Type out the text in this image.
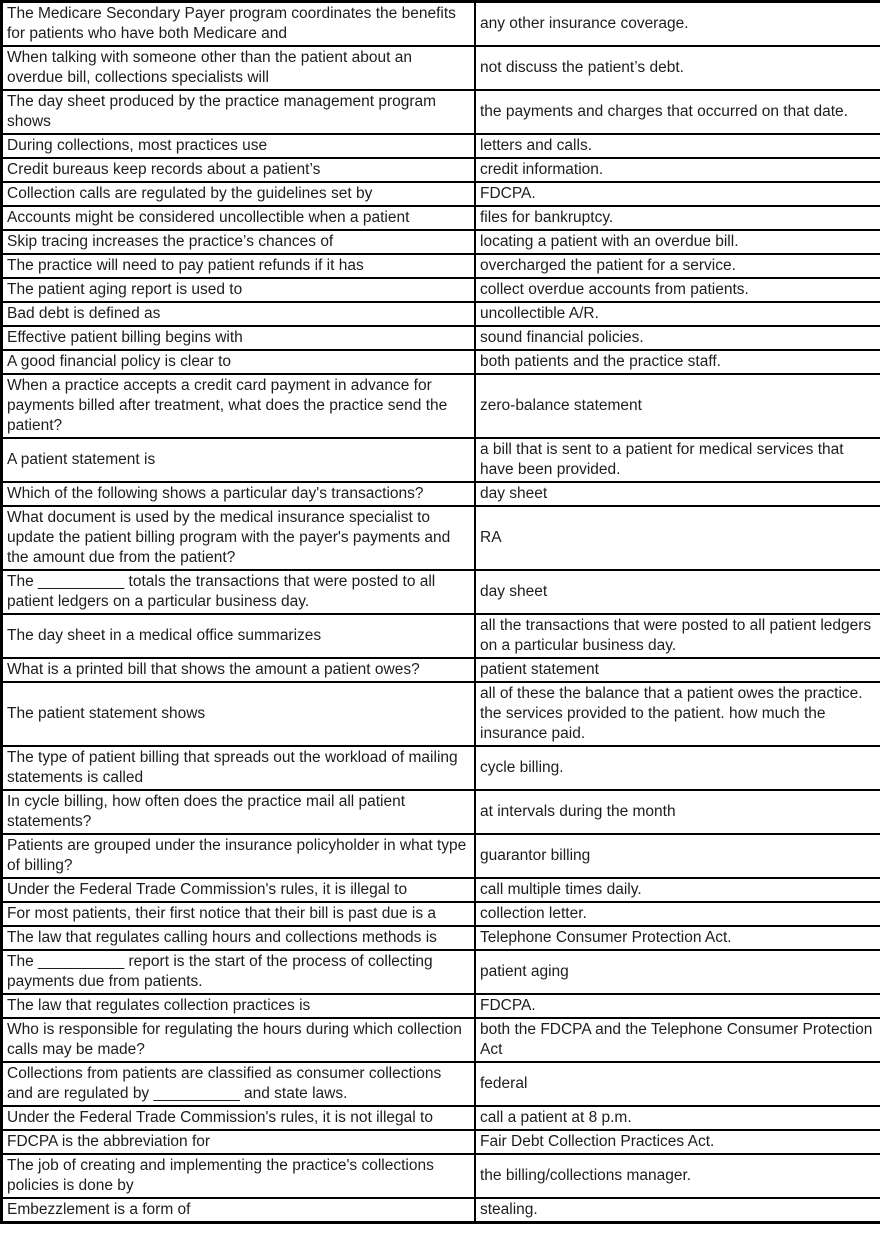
The Medicare Secondary Payer program coordinates the benefits for patients who have both Medicare and	any other insurance coverage.
When talking with someone other than the patient about an overdue bill, collections specialists will	not discuss the patient’s debt.
The day sheet produced by the practice management program shows	the payments and charges that occurred on that date.
During collections, most practices use	letters and calls.
Credit bureaus keep records about a patient’s	credit information.
Collection calls are regulated by the guidelines set by	FDCPA.
Accounts might be considered uncollectible when a patient	files for bankruptcy.
Skip tracing increases the practice’s chances of	locating a patient with an overdue bill.
The practice will need to pay patient refunds if it has	overcharged the patient for a service.
The patient aging report is used to	collect overdue accounts from patients.
Bad debt is defined as	uncollectible A/R.
Effective patient billing begins with	sound financial policies.
A good financial policy is clear to	both patients and the practice staff.
When a practice accepts a credit card payment in advance for payments billed after treatment, what does the practice send the patient?	zero-balance statement
A patient statement is	a bill that is sent to a patient for medical services that have been provided.
Which of the following shows a particular day's transactions?	day sheet
What document is used by the medical insurance specialist to update the patient billing program with the payer's payments and the amount due from the patient?	RA
The __________ totals the transactions that were posted to all patient ledgers on a particular business day.	day sheet
The day sheet in a medical office summarizes	all the transactions that were posted to all patient ledgers on a particular business day.
What is a printed bill that shows the amount a patient owes?	patient statement
The patient statement shows	all of these the balance that a patient owes the practice. the services provided to the patient. how much the insurance paid.
The type of patient billing that spreads out the workload of mailing statements is called	cycle billing.
In cycle billing, how often does the practice mail all patient statements?	at intervals during the month
Patients are grouped under the insurance policyholder in what type of billing?	guarantor billing
Under the Federal Trade Commission's rules, it is illegal to	call multiple times daily.
For most patients, their first notice that their bill is past due is a	collection letter.
The law that regulates calling hours and collections methods is	Telephone Consumer Protection Act.
The __________ report is the start of the process of collecting payments due from patients.	patient aging
The law that regulates collection practices is	FDCPA.
Who is responsible for regulating the hours during which collection calls may be made?	both the FDCPA and the Telephone Consumer Protection Act
Collections from patients are classified as consumer collections and are regulated by __________ and state laws.	federal
Under the Federal Trade Commission's rules, it is not illegal to	call a patient at 8 p.m.
FDCPA is the abbreviation for	Fair Debt Collection Practices Act.
The job of creating and implementing the practice's collections policies is done by	the billing/collections manager.
Embezzlement is a form of	stealing.
